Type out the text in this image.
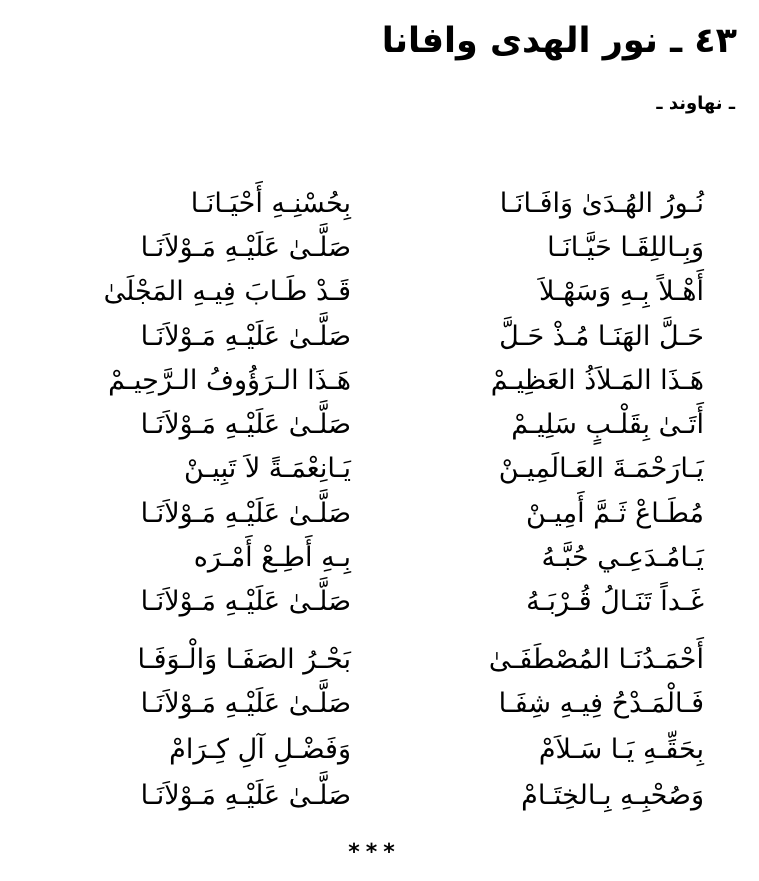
٤٣ ـ نور الهدى وافانا
ـ نهاوند ـ
نُـورُ الهُـدَىٰ وَافَـانَـا
بِحُسْنِـهِ أَحْيَـانَـا
وَبِـاللِقَـا حَيَّـانَـا
صَلَّـىٰ عَلَيْـهِ مَـوْلاَنَـا
أَهْـلاً بِـهِ وَسَهْـلاَ
قَـدْ طَـابَ فِيـهِ المَجْلَىٰ
حَـلَّ الهَنَـا مُـذْ حَـلَّ
صَلَّـىٰ عَلَيْـهِ مَـوْلاَنَـا
هَـذَا المَـلاَذُ العَظِيـمْ
هَـذَا الـرَؤُوفُ الـرَّحِيـمْ
أَتَـىٰ بِقَلْـبٍ سَلِيـمْ
صَلَّـىٰ عَلَيْـهِ مَـوْلاَنَـا
يَـارَحْمَـةَ العَـالَمِيـنْ
يَـانِعْمَـةً لاَ تَبِيـنْ
مُطَـاعْ ثَـمَّ أَمِيـنْ
صَلَّـىٰ عَلَيْـهِ مَـوْلاَنَـا
يَـامُـدَعِـي حُبَّـهُ
بِـهِ أَطِـعْ أَمْـرَه
غَـداً تَنَـالُ قُـرْبَـهُ
صَلَّـىٰ عَلَيْـهِ مَـوْلاَنَـا
أَحْمَـدُنَـا المُصْطَفَـىٰ
بَحْـرُ الصَفَـا وَالْـوَفَـا
فَـالْمَـدْحُ فِيـهِ شِفَـا
صَلَّـىٰ عَلَيْـهِ مَـوْلاَنَـا
بِحَقِّـهِ يَـا سَـلاَمْ
وَفَضْـلِ آلِ كِـرَامْ
وَصُحْبِـهِ بِـالخِتَـامْ
صَلَّـىٰ عَلَيْـهِ مَـوْلاَنَـا
***
